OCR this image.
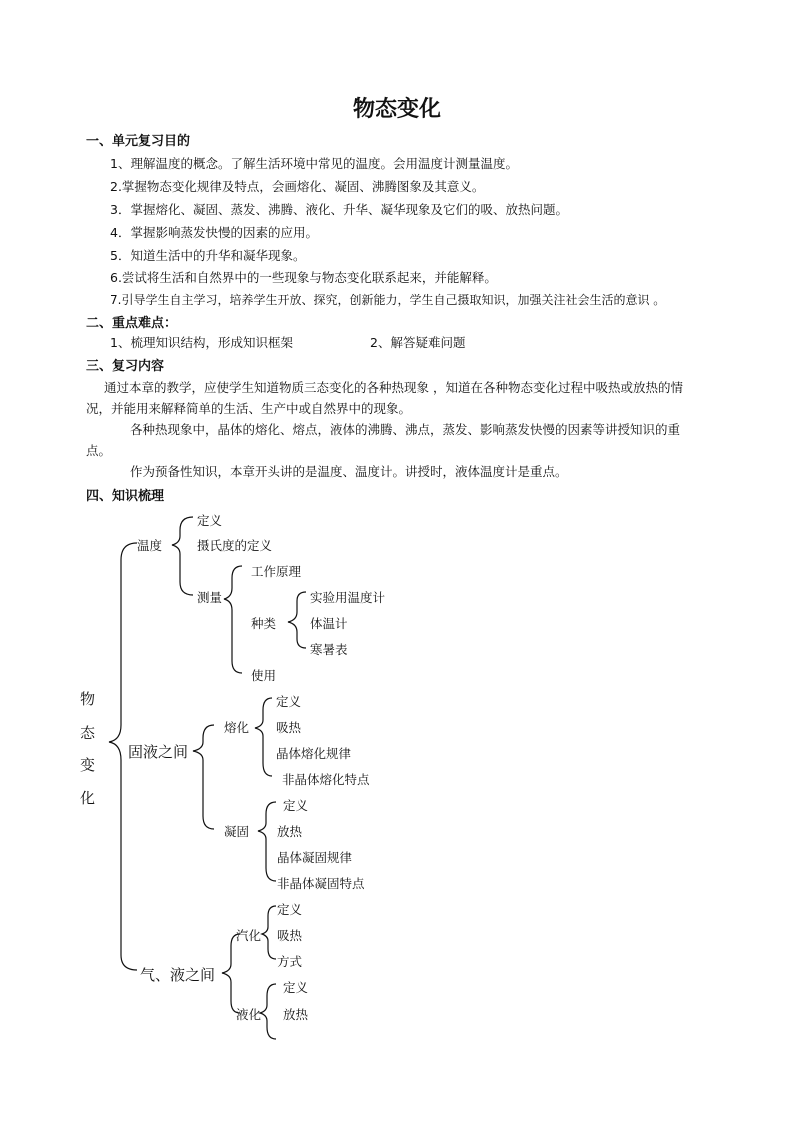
物态变化
一、单元复习目的
1、理解温度的概念。了解生活环境中常见的温度。会用温度计测量温度。
2.掌握物态变化规律及特点，会画熔化、凝固、沸腾图象及其意义。
3．掌握熔化、凝固、蒸发、沸腾、液化、升华、凝华现象及它们的吸、放热问题。
4．掌握影响蒸发快慢的因素的应用。
5．知道生活中的升华和凝华现象。
6.尝试将生活和自然界中的一些现象与物态变化联系起来，并能解释。
7.引导学生自主学习，培养学生开放、探究，创新能力，学生自己摄取知识，加强关注社会生活的意识 。
二、重点难点：
1、梳理知识结构，形成知识框架	2、解答疑难问题
三、复习内容
通过本章的教学，应使学生知道物质三态变化的各种热现象 ，知道在各种物态变化过程中吸热或放热的情
况，并能用来解释简单的生活、生产中或自然界中的现象。
各种热现象中，晶体的熔化、熔点，液体的沸腾、沸点，蒸发、影响蒸发快慢的因素等讲授知识的重
点。
作为预备性知识，本章开头讲的是温度、温度计。讲授时，液体温度计是重点。
四、知识梳理
物
态
变
化
温度
定义
摄氏度的定义
测量
工作原理
种类
实验用温度计
体温计
寒暑表
使用
固液之间
熔化
定义
吸热
晶体熔化规律
非晶体熔化特点
凝固
定义
放热
晶体凝固规律
非晶体凝固特点
气、液之间
汽化
定义
吸热
方式
液化
定义
放热
